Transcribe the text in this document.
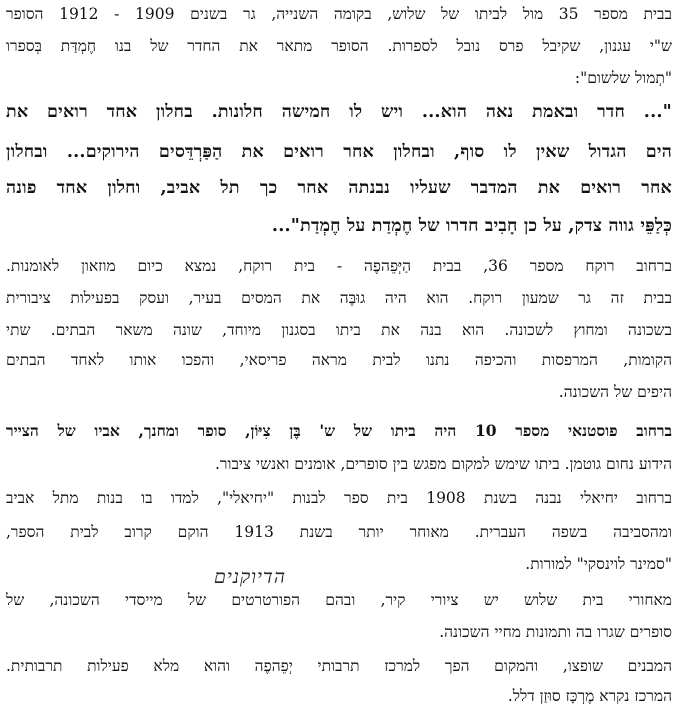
בבית מספר 35 מול לביתו של שלוש, בקומה השנייה, גר בשנים 1909 - 1912 הסופר
ש"י עגנון, שקיבל פרס נובל לספרות. הסופר מתאר את החדר של בנו חֶמְדַּת בְּספרו
"תְמול שלשום":
"... חדר ובאמת נאה הוא... ויש לו חמישה חלונות. בחלון אחד רואים את
הים הגדול שאין לו סוף, ובחלון אחר רואים את הַפַּרְדֵּסים הירוקים... ובחלון
אחר רואים את המדבר שעליו נבנתה אחר כך תל אביב, וחלון אחד פונה
כְּלַפֵּי גווה צדק, על כן חָבִיב חדרו של חֶמְדַת על חֶמְדַת"...
ברחוב רוקח מספר 36, בבית הַיְּפֵהפֶה - בית רוקח, נמצא כיום מוזאון לאומנות.
בבית זה גר שמעון רוקח. הוא היה גוּבֶּה את המסים בעיר, ועסק בפעילות ציבורית
בשכונה ומחוץ לשכונה. הוא בנה את ביתו בסגנון מיוחד, שונה משאר הבתים. שתי
הקומות, המרפסות והכיפה נתנו לבית מראה פריסאי, והפכו אותו לאחד הבתים
היפים של השכונה.
ברחוב פוסטנאי מספר 10 היה ביתו של ש' בֶּן צִיּוֹן, סופר ומחנך, אביו של הצייר
הידוע נחום גוטמן. ביתו שימש למקום מפגש בין סופרים, אומנים ואנשי ציבור.
ברחוב יחיאלי נבנה בשנת 1908 בית ספר לבנות "יחיאלי", למדו בו בנות מתל אביב
ומהסביבה בשפה העברית. מאוחר יותר בשנת 1913 הוקם קרוב לבית הספר,
"סמינר לוינסקי" למורות.
הדיוקנים
מאחורי בית שלוש יש ציורי קיר, ובהם הפורטרטים של מייסדי השכונה, של
סופרים שגרו בה ותמונות מחיי השכונה.
המבנים שופצו, והמקום הפך למרכז תרבותי יְפֵהפֶה והוא מלא פעילות תרבותית.
המרכז נקרא מֶרְכָּז סוּזַן דלל.
